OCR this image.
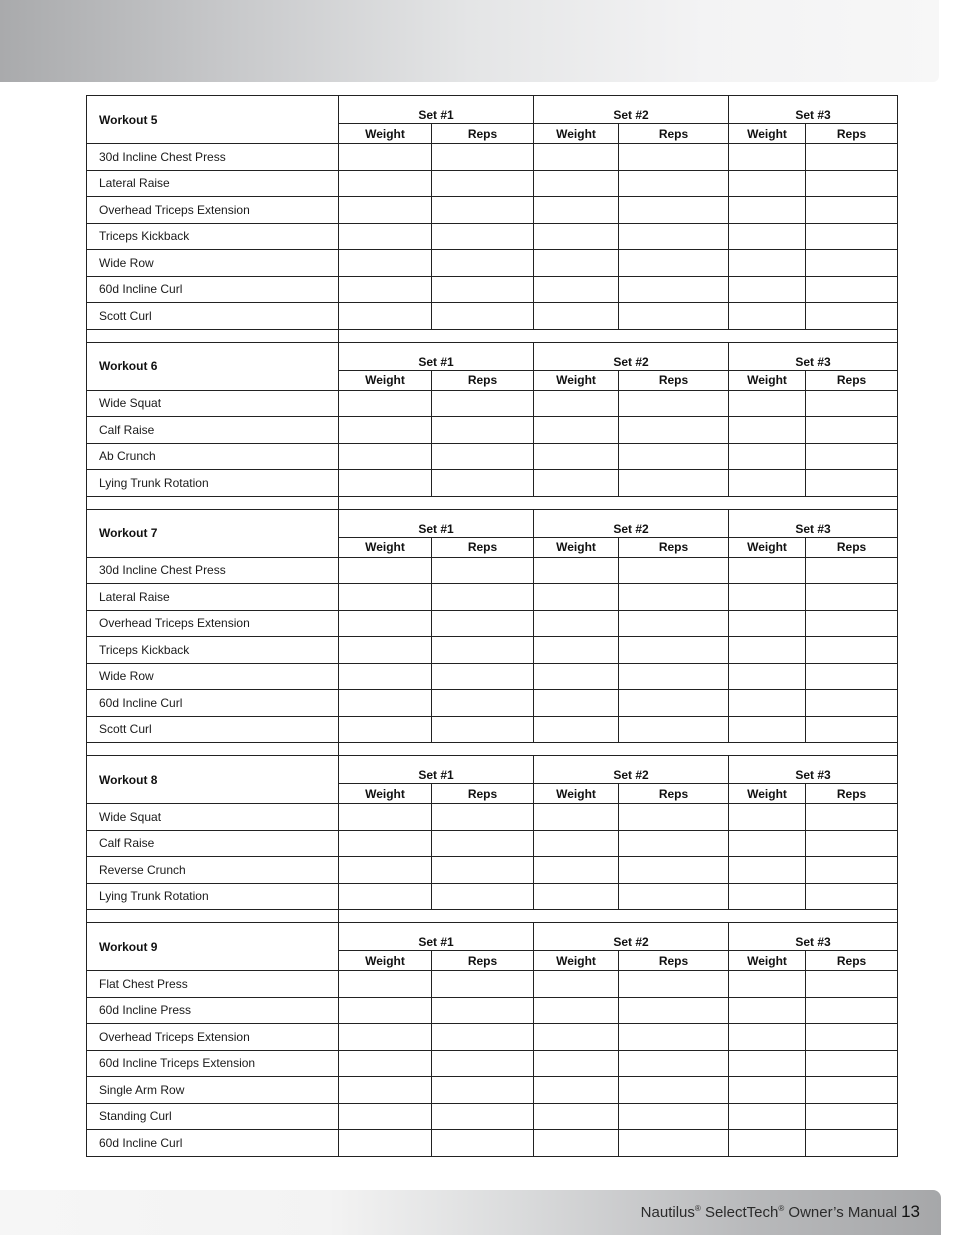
Workout 5	Set #1		Set #2		Set #3	
	Weight	Reps	Weight	Reps	Weight	Reps
30d Incline Chest Press						
Lateral Raise						
Overhead Triceps Extension						
Triceps Kickback						
Wide Row						
60d Incline Curl						
Scott Curl						

Workout 6	Set #1		Set #2		Set #3	
	Weight	Reps	Weight	Reps	Weight	Reps
Wide Squat						
Calf Raise						
Ab Crunch						
Lying Trunk Rotation						

Workout 7	Set #1		Set #2		Set #3	
	Weight	Reps	Weight	Reps	Weight	Reps
30d Incline Chest Press						
Lateral Raise						
Overhead Triceps Extension						
Triceps Kickback						
Wide Row						
60d Incline Curl						
Scott Curl						

Workout 8	Set #1		Set #2		Set #3	
	Weight	Reps	Weight	Reps	Weight	Reps
Wide Squat						
Calf Raise						
Reverse Crunch						
Lying Trunk Rotation						

Workout 9	Set #1		Set #2		Set #3	
	Weight	Reps	Weight	Reps	Weight	Reps
Flat Chest Press						
60d Incline Press						
Overhead Triceps Extension						
60d Incline Triceps Extension						
Single Arm Row						
Standing Curl						
60d Incline Curl						
Nautilus® SelectTech® Owner’s Manual 13
